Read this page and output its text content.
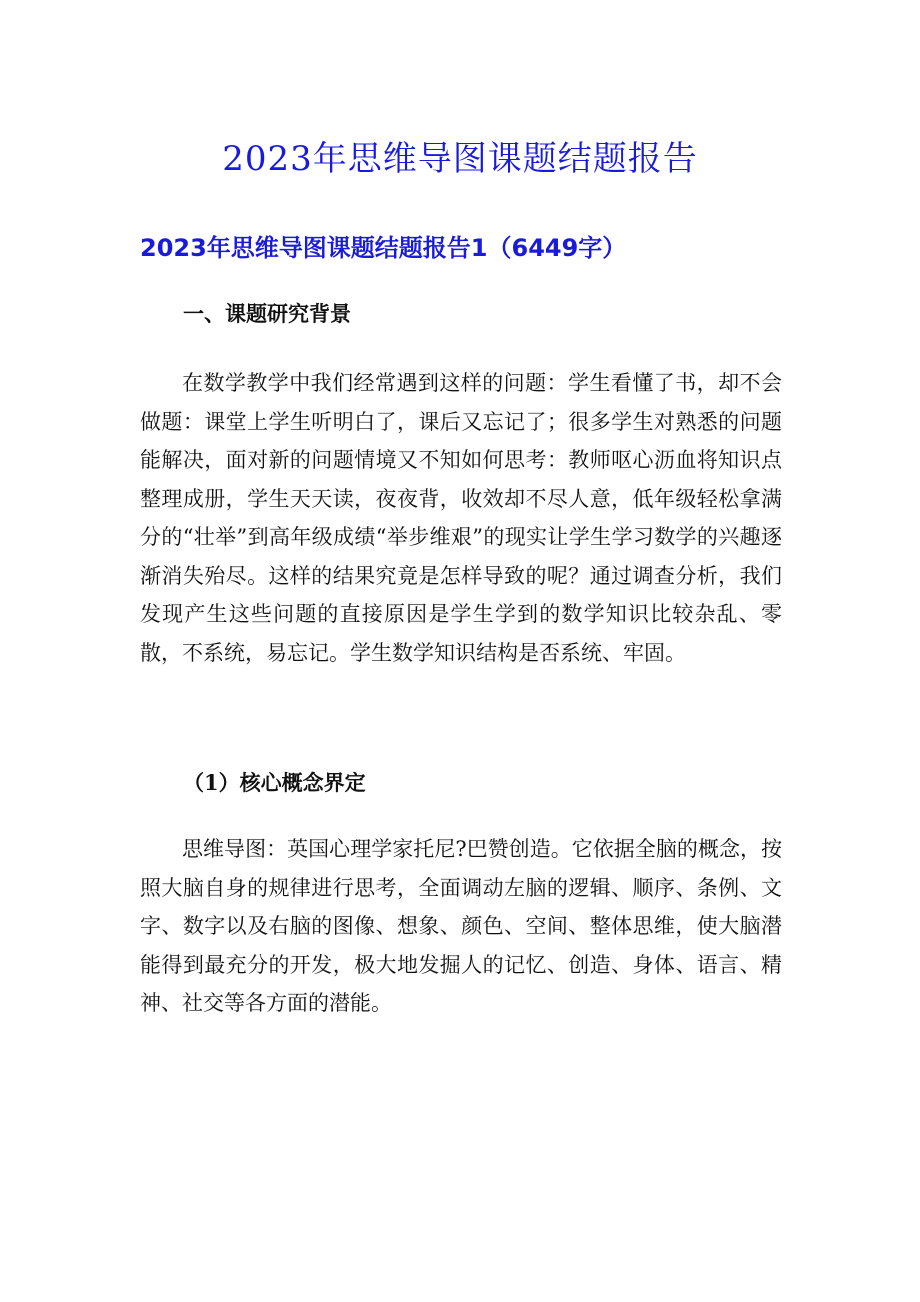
2023年思维导图课题结题报告
2023年思维导图课题结题报告1（6449字）
一、课题研究背景

在数学教学中我们经常遇到这样的问题：学生看懂了书，却不会做题：课堂上学生听明白了，课后又忘记了；很多学生对熟悉的问题能解决，面对新的问题情境又不知如何思考：教师呕心沥血将知识点整理成册，学生天天读，夜夜背，收效却不尽人意，低年级轻松拿满分的“壮举”到高年级成绩“举步维艰”的现实让学生学习数学的兴趣逐渐消失殆尽。这样的结果究竟是怎样导致的呢？通过调查分析，我们发现产生这些问题的直接原因是学生学到的数学知识比较杂乱、零散，不系统，易忘记。学生数学知识结构是否系统、牢固。

（1）核心概念界定

思维导图：英国心理学家托尼?巴赞创造。它依据全脑的概念，按照大脑自身的规律进行思考，全面调动左脑的逻辑、顺序、条例、文字、数字以及右脑的图像、想象、颜色、空间、整体思维，使大脑潜能得到最充分的开发，极大地发掘人的记忆、创造、身体、语言、精神、社交等各方面的潜能。
